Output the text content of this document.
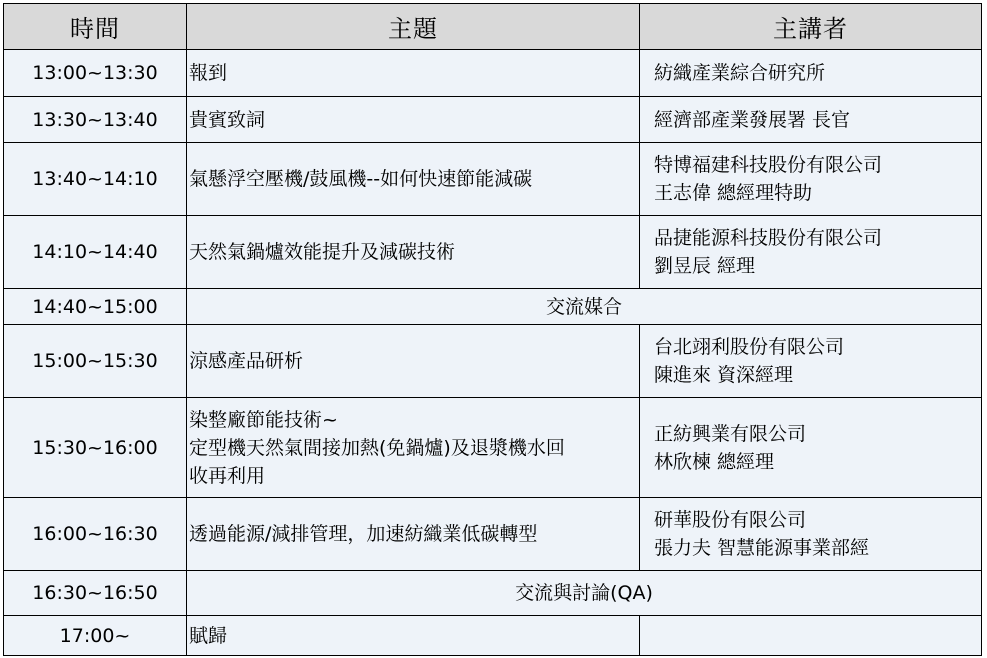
時間	主題	主講者
13:00~13:30	報到	紡織產業綜合研究所

13:30~13:40	貴賓致詞	經濟部產業發展署 長官

13:40~14:10	氣懸浮空壓機/鼓風機--如何快速節能減碳	特博福建科技股份有限公司
王志偉 總經理特助

14:10~14:40	天然氣鍋爐效能提升及減碳技術	品捷能源科技股份有限公司
劉昱辰 經理

14:40~15:00	交流媒合	
15:00~15:30	涼感產品研析	台北翊利股份有限公司
陳進來 資深經理

15:30~16:00	染整廠節能技術~
定型機天然氣間接加熱(免鍋爐)及退漿機水回
收再利用	正紡興業有限公司
林欣楝 總經理

16:00~16:30	透過能源/減排管理，加速紡織業低碳轉型	研華股份有限公司
張力夫 智慧能源事業部經

16:30~16:50	交流與討論(QA)	
17:00~	賦歸	
